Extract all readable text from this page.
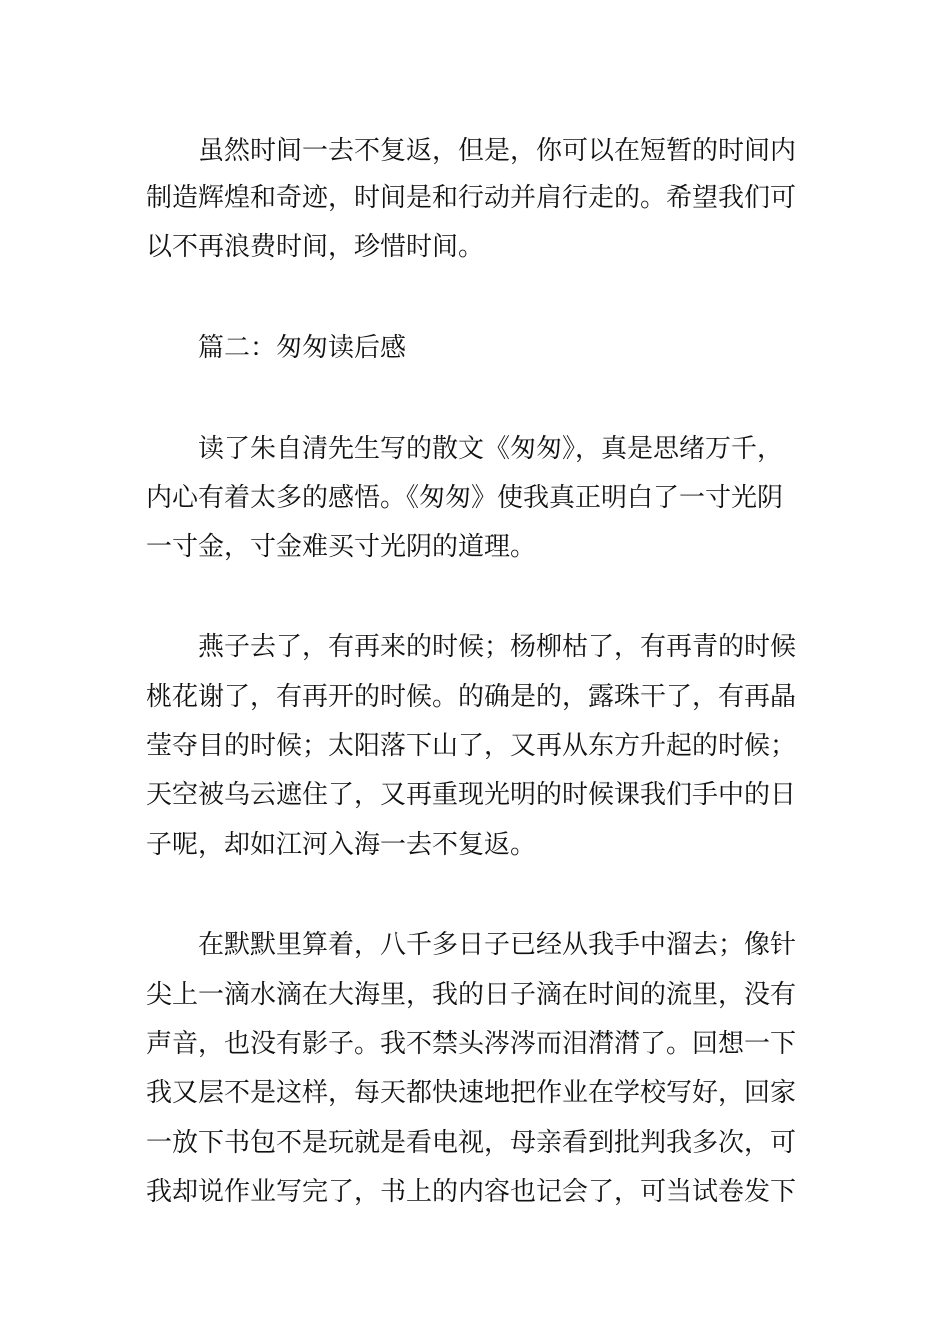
虽然时间一去不复返，但是，你可以在短暂的时间内
制造辉煌和奇迹，时间是和行动并肩行走的。希望我们可
以不再浪费时间，珍惜时间。
篇二：匆匆读后感
读了朱自清先生写的散文《匆匆》，真是思绪万千，
内心有着太多的感悟。《匆匆》使我真正明白了一寸光阴
一寸金，寸金难买寸光阴的道理。
燕子去了，有再来的时候；杨柳枯了，有再青的时候
桃花谢了，有再开的时候。的确是的，露珠干了，有再晶
莹夺目的时候；太阳落下山了，又再从东方升起的时候；
天空被乌云遮住了，又再重现光明的时候课我们手中的日
子呢，却如江河入海一去不复返。
在默默里算着，八千多日子已经从我手中溜去；像针
尖上一滴水滴在大海里，我的日子滴在时间的流里，没有
声音，也没有影子。我不禁头涔涔而泪潸潸了。回想一下
我又层不是这样，每天都快速地把作业在学校写好，回家
一放下书包不是玩就是看电视，母亲看到批判我多次，可
我却说作业写完了，书上的内容也记会了，可当试卷发下
